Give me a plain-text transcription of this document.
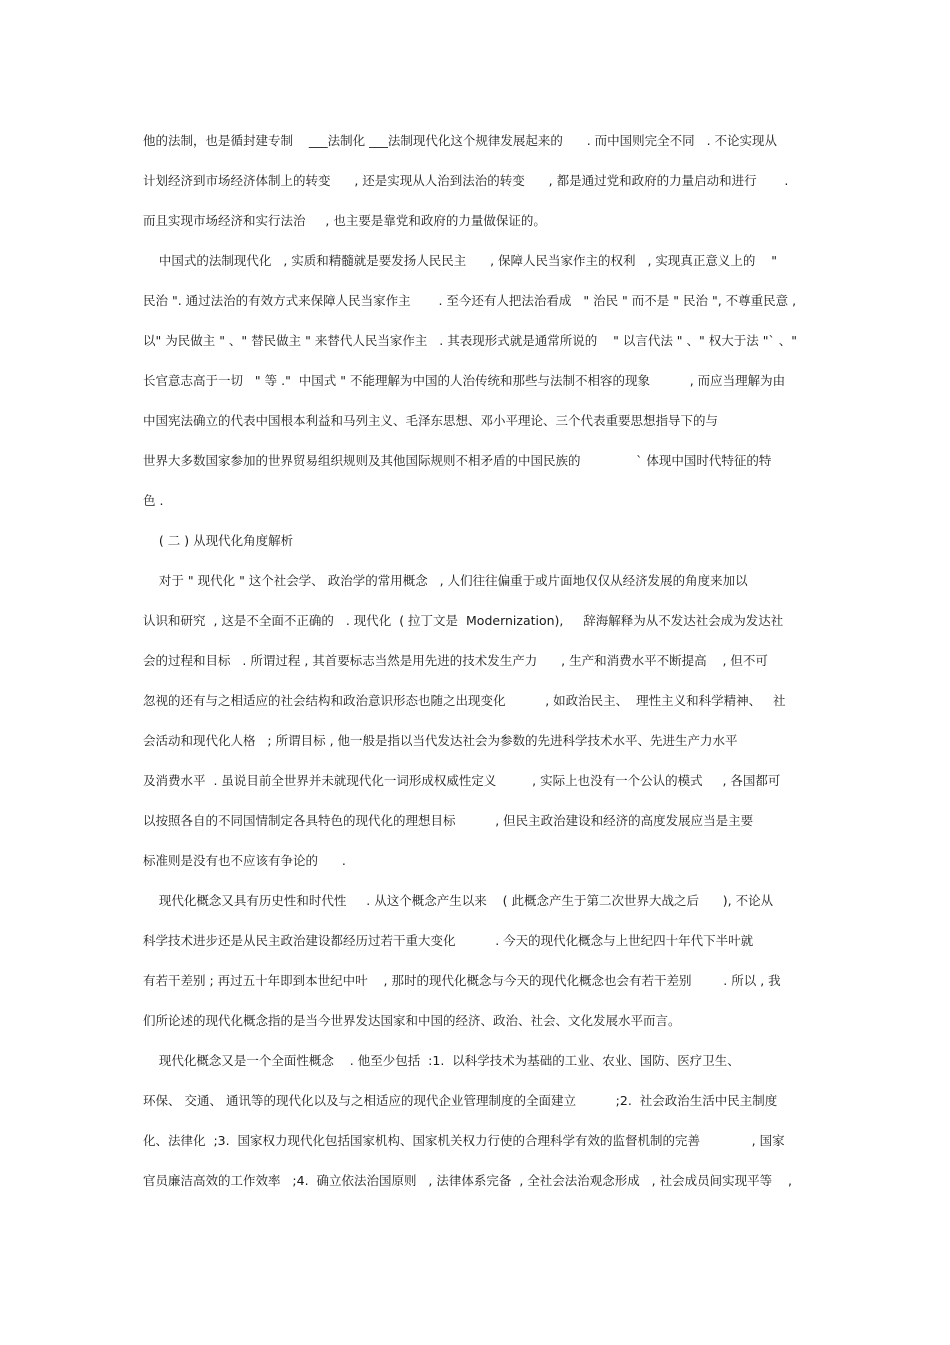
他的法制，也是循封建专制    ___法制化 ___法制现代化这个规律发展起来的      . 而中国则完全不同   . 不论实现从
计划经济到市场经济体制上的转变      , 还是实现从人治到法治的转变      , 都是通过党和政府的力量启动和进行       .
而且实现市场经济和实行法治     , 也主要是靠党和政府的力量做保证的。
中国式的法制现代化   , 实质和精髓就是要发扬人民民主      , 保障人民当家作主的权利   , 实现真正意义上的    "
民治 ". 通过法治的有效方式来保障人民当家作主       . 至今还有人把法治看成   " 治民 " 而不是 " 民治 ", 不尊重民意 ,
以" 为民做主 " 、" 替民做主 " 来替代人民当家作主   . 其表现形式就是通常所说的    " 以言代法 " 、" 权大于法 "` 、"
长官意志高于一切   " 等 ."  中国式 " 不能理解为中国的人治传统和那些与法制不相容的现象          , 而应当理解为由
中国宪法确立的代表中国根本利益和马列主义、毛泽东思想、邓小平理论、三个代表重要思想指导下的与
世界大多数国家参加的世界贸易组织规则及其他国际规则不相矛盾的中国民族的              ` 体现中国时代特征的特
色 .
( 二 ) 从现代化角度解析
对于 " 现代化 " 这个社会学、 政治学的常用概念   , 人们往往偏重于或片面地仅仅从经济发展的角度来加以
认识和研究  , 这是不全面不正确的   . 现代化  ( 拉丁文是  Modernization),     辞海解释为从不发达社会成为发达社
会的过程和目标   . 所谓过程 , 其首要标志当然是用先进的技术发生产力      , 生产和消费水平不断提高    , 但不可
忽视的还有与之相适应的社会结构和政治意识形态也随之出现变化          , 如政治民主、  理性主义和科学精神、   社
会活动和现代化人格   ; 所谓目标 , 他一般是指以当代发达社会为参数的先进科学技术水平、先进生产力水平
及消费水平  . 虽说目前全世界并未就现代化一词形成权威性定义         , 实际上也没有一个公认的模式     , 各国都可
以按照各自的不同国情制定各具特色的现代化的理想目标          , 但民主政治建设和经济的高度发展应当是主要
标准则是没有也不应该有争论的      .
现代化概念又具有历史性和时代性     . 从这个概念产生以来    ( 此概念产生于第二次世界大战之后      ), 不论从
科学技术进步还是从民主政治建设都经历过若干重大变化          . 今天的现代化概念与上世纪四十年代下半叶就
有若干差别 ; 再过五十年即到本世纪中叶    , 那时的现代化概念与今天的现代化概念也会有若干差别        . 所以 , 我
们所论述的现代化概念指的是当今世界发达国家和中国的经济、政治、社会、文化发展水平而言。
现代化概念又是一个全面性概念    . 他至少包括  :1.  以科学技术为基础的工业、农业、国防、医疗卫生、
环保、 交通、 通讯等的现代化以及与之相适应的现代企业管理制度的全面建立          ;2.  社会政治生活中民主制度
化、法律化  ;3.  国家权力现代化包括国家机构、国家机关权力行使的合理科学有效的监督机制的完善             , 国家
官员廉洁高效的工作效率   ;4.  确立依法治国原则   , 法律体系完备  , 全社会法治观念形成   , 社会成员间实现平等    ,
